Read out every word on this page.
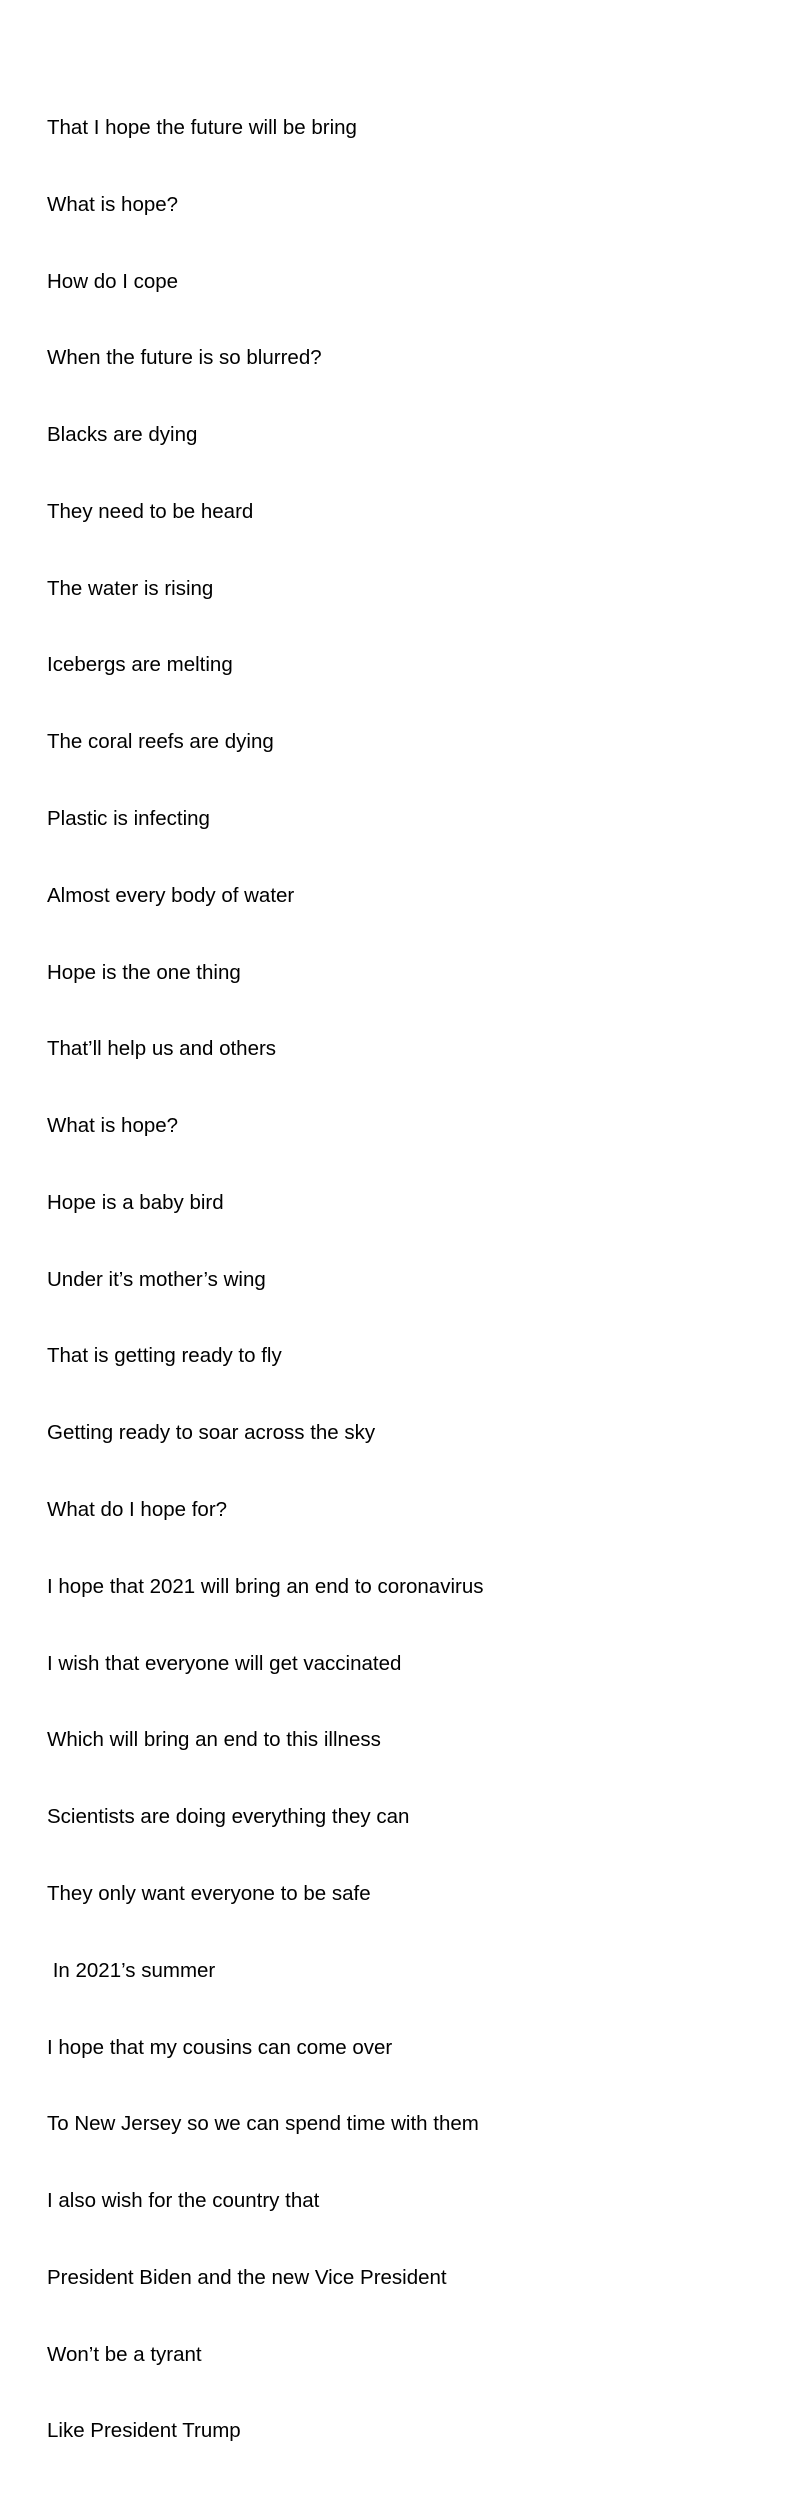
That I hope the future will be bring

What is hope?

How do I cope

When the future is so blurred?

Blacks are dying

They need to be heard

The water is rising

Icebergs are melting

The coral reefs are dying

Plastic is infecting

Almost every body of water

Hope is the one thing

That’ll help us and others

What is hope?

Hope is a baby bird

Under it’s mother’s wing

That is getting ready to fly

Getting ready to soar across the sky

What do I hope for?

I hope that 2021 will bring an end to coronavirus

I wish that everyone will get vaccinated

Which will bring an end to this illness

Scientists are doing everything they can

They only want everyone to be safe

In 2021’s summer

I hope that my cousins can come over

To New Jersey so we can spend time with them

I also wish for the country that

President Biden and the new Vice President

Won’t be a tyrant

Like President Trump
